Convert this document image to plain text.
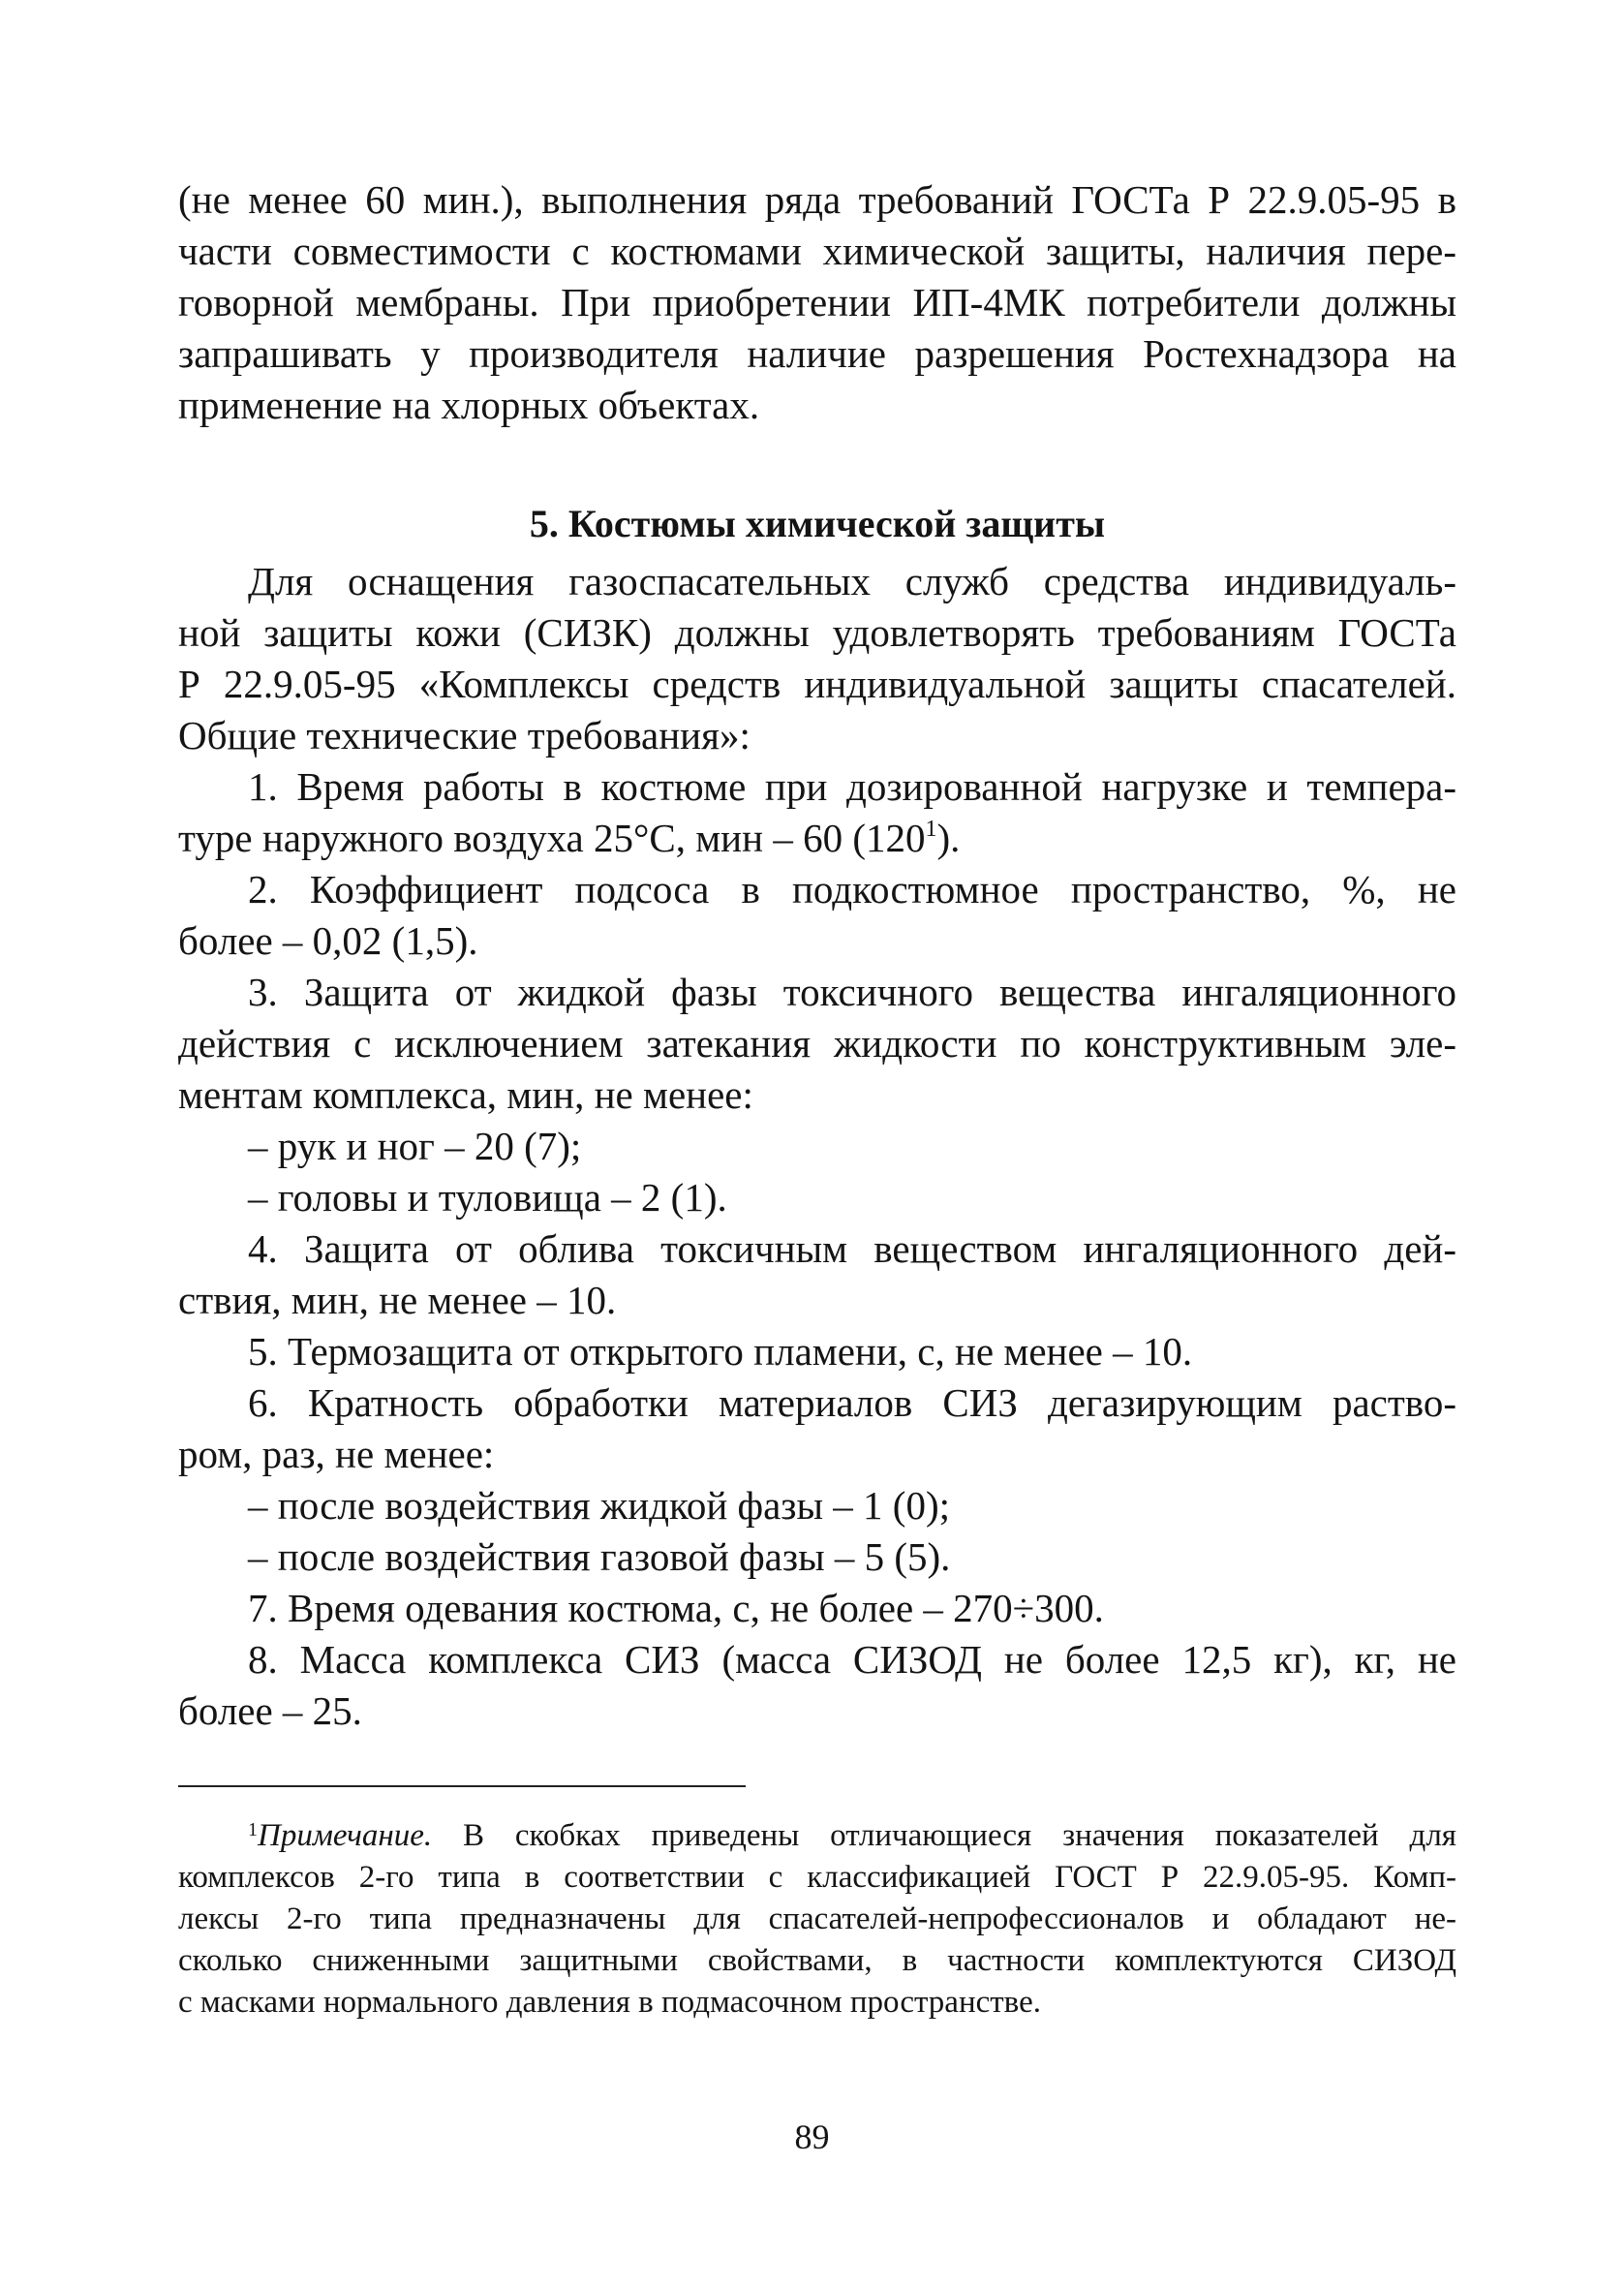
(не менее 60 мин.), выполнения ряда требований ГОСТа Р 22.9.05-95 в
части совместимости с костюмами химической защиты, наличия пере-
говорной мембраны. При приобретении ИП-4МК потребители должны
запрашивать у производителя наличие разрешения Ростехнадзора на
применение на хлорных объектах.
5. Костюмы химической защиты
Для оснащения газоспасательных служб средства индивидуаль-
ной защиты кожи (СИЗК) должны удовлетворять требованиям ГОСТа
Р 22.9.05-95 «Комплексы средств индивидуальной защиты спасателей.
Общие технические требования»:
1. Время работы в костюме при дозированной нагрузке и темпера-
туре наружного воздуха 25°С, мин – 60 $(120^1)$.
2. Коэффициент подсоса в подкостюмное пространство, %, не
более – 0,02 (1,5).
3. Защита от жидкой фазы токсичного вещества ингаляционного
действия с исключением затекания жидкости по конструктивным эле-
ментам комплекса, мин, не менее:
– рук и ног – 20 (7);
– головы и туловища – 2 (1).
4. Защита от облива токсичным веществом ингаляционного дей-
ствия, мин, не менее – 10.
5. Термозащита от открытого пламени, с, не менее – 10.
6. Кратность обработки материалов СИЗ дегазирующим раство-
ром, раз, не менее:
– после воздействия жидкой фазы – 1 (0);
– после воздействия газовой фазы – 5 (5).
7. Время одевания костюма, с, не более – 270÷300.
8. Масса комплекса СИЗ (масса СИЗОД не более 12,5 кг), кг, не
более – 25.
$^1$Примечание. В скобках приведены отличающиеся значения показателей для
комплексов 2-го типа в соответствии с классификацией ГОСТ Р 22.9.05-95. Комп-
лексы 2-го типа предназначены для спасателей-непрофессионалов и обладают не-
сколько сниженными защитными свойствами, в частности комплектуются СИЗОД
с масками нормального давления в подмасочном пространстве.
89
